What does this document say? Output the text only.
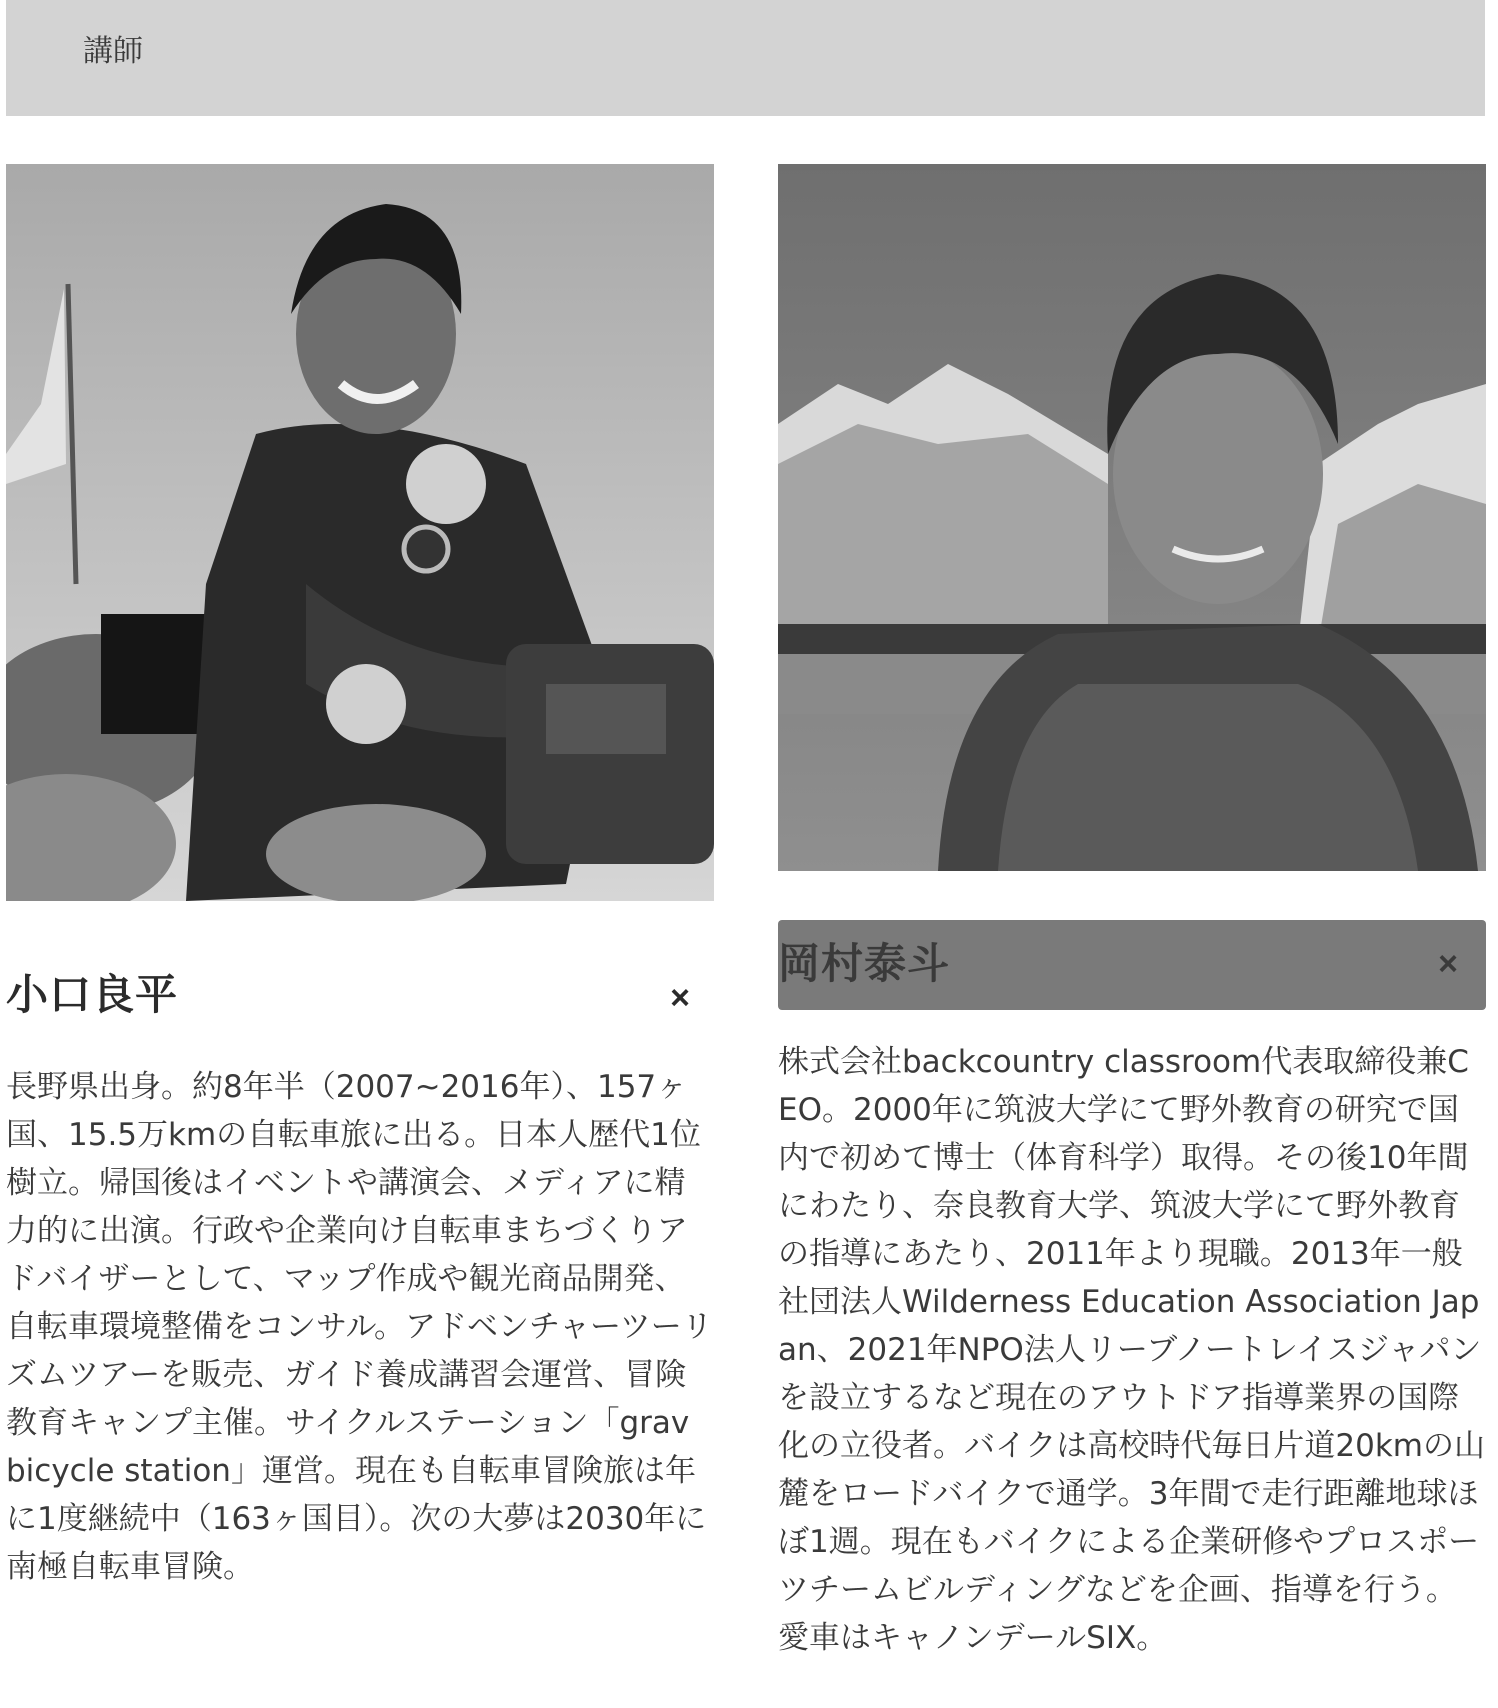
講師
小口良平	×

長野県出身。約8年半（2007~2016年）、157ヶ国、15.5万kmの自転車旅に出る。日本人歴代1位樹立。帰国後はイベントや講演会、メディアに精力的に出演。行政や企業向け自転車まちづくりアドバイザーとして、マップ作成や観光商品開発、自転車環境整備をコンサル。アドベンチャーツーリズムツアーを販売、ガイド養成講習会運営、冒険教育キャンプ主催。サイクルステーション「grav bicycle station」運営。現在も自転車冒険旅は年に1度継続中（163ヶ国目）。次の大夢は2030年に南極自転車冒険。

岡村泰斗	×

株式会社backcountry classroom代表取締役兼CEO。2000年に筑波大学にて野外教育の研究で国内で初めて博士（体育科学）取得。その後10年間にわたり、奈良教育大学、筑波大学にて野外教育の指導にあたり、2011年より現職。2013年一般社団法人Wilderness Education Association Japan、2021年NPO法人リーブノートレイスジャパンを設立するなど現在のアウトドア指導業界の国際化の立役者。バイクは高校時代毎日片道20kmの山麓をロードバイクで通学。3年間で走行距離地球ほぼ1週。現在もバイクによる企業研修やプロスポーツチームビルディングなどを企画、指導を行う。愛車はキャノンデールSIX。
